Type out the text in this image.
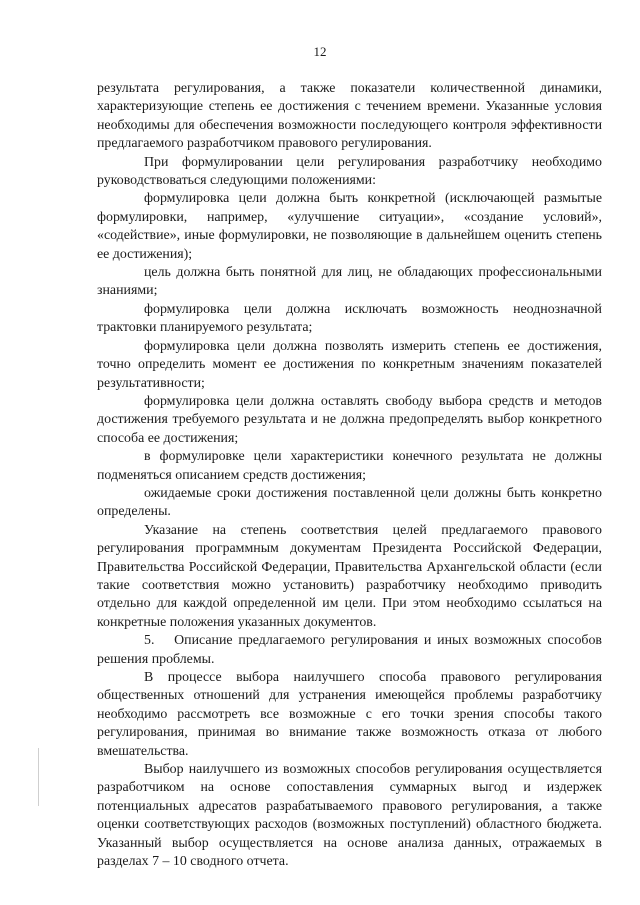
12

результата регулирования, а также показатели количественной динамики, характеризующие степень ее достижения с течением времени. Указанные условия необходимы для обеспечения возможности последующего контроля эффективности предлагаемого разработчиком правового регулирования.

При формулировании цели регулирования разработчику необходимо руководствоваться следующими положениями:

формулировка цели должна быть конкретной (исключающей размытые формулировки, например, «улучшение ситуации», «создание условий», «содействие», иные формулировки, не позволяющие в дальнейшем оценить степень ее достижения);

цель должна быть понятной для лиц, не обладающих профессиональными знаниями;

формулировка цели должна исключать возможность неоднозначной трактовки планируемого результата;

формулировка цели должна позволять измерить степень ее достижения, точно определить момент ее достижения по конкретным значениям показателей результативности;

формулировка цели должна оставлять свободу выбора средств и методов достижения требуемого результата и не должна предопределять выбор конкретного способа ее достижения;

в формулировке цели характеристики конечного результата не должны подменяться описанием средств достижения;

ожидаемые сроки достижения поставленной цели должны быть конкретно определены.

Указание на степень соответствия целей предлагаемого правового регулирования программным документам Президента Российской Федерации, Правительства Российской Федерации, Правительства Архангельской области (если такие соответствия можно установить) разработчику необходимо приводить отдельно для каждой определенной им цели. При этом необходимо ссылаться на конкретные положения указанных документов.

5.  Описание предлагаемого регулирования и иных возможных способов решения проблемы.

В процессе выбора наилучшего способа правового регулирования общественных отношений для устранения имеющейся проблемы разработчику необходимо рассмотреть все возможные с его точки зрения способы такого регулирования, принимая во внимание также возможность отказа от любого вмешательства.

Выбор наилучшего из возможных способов регулирования осуществляется разработчиком на основе сопоставления суммарных выгод и издержек потенциальных адресатов разрабатываемого правового регулирования, а также оценки соответствующих расходов (возможных поступлений) областного бюджета. Указанный выбор осуществляется на основе анализа данных, отражаемых в разделах 7 – 10 сводного отчета.
